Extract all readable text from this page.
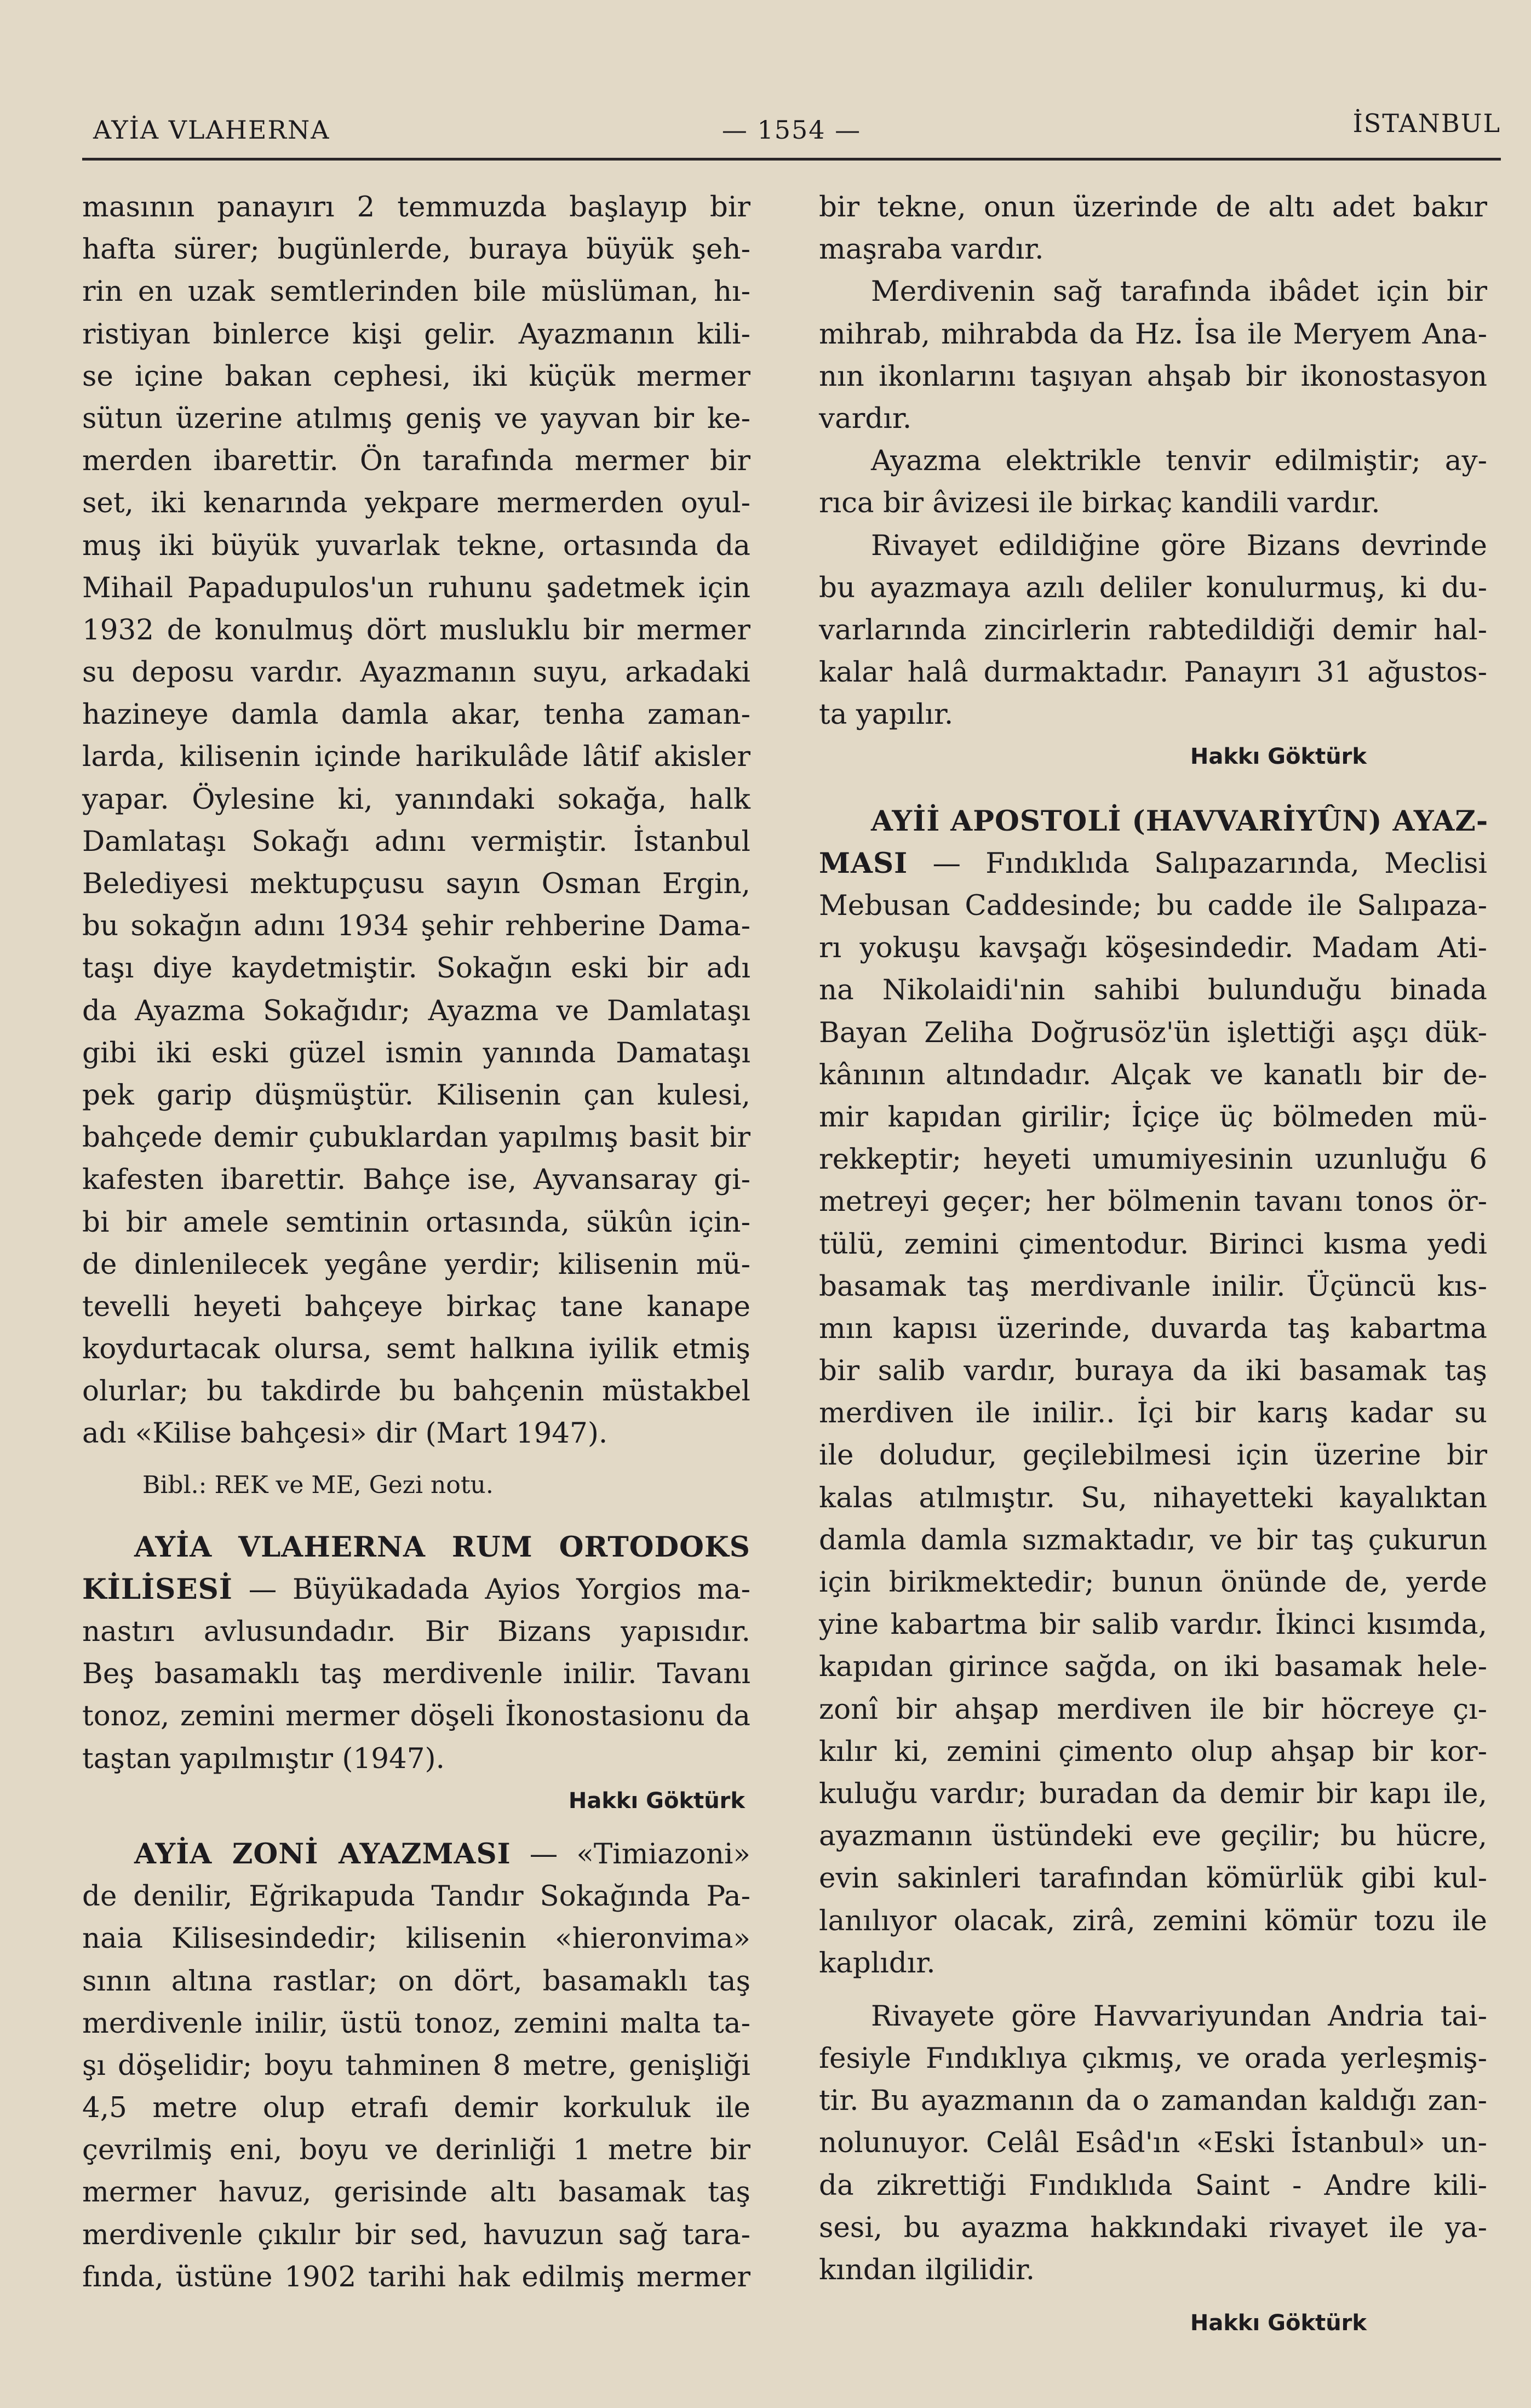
AYİA VLAHERNA	— 1554 —	İSTANBUL
masının panayırı 2 temmuzda başlayıp bir
hafta sürer; bugünlerde, buraya büyük şeh-
rin en uzak semtlerinden bile müslüman, hı-
ristiyan binlerce kişi gelir. Ayazmanın kili-
se içine bakan cephesi, iki küçük mermer
sütun üzerine atılmış geniş ve yayvan bir ke-
merden ibarettir. Ön tarafında mermer bir
set, iki kenarında yekpare mermerden oyul-
muş iki büyük yuvarlak tekne, ortasında da
Mihail Papadupulos'un ruhunu şadetmek için
1932 de konulmuş dört musluklu bir mermer
su deposu vardır. Ayazmanın suyu, arkadaki
hazineye damla damla akar, tenha zaman-
larda, kilisenin içinde harikulâde lâtif akisler
yapar. Öylesine ki, yanındaki sokağa, halk
Damlataşı Sokağı adını vermiştir. İstanbul
Belediyesi mektupçusu sayın Osman Ergin,
bu sokağın adını 1934 şehir rehberine Dama-
taşı diye kaydetmiştir. Sokağın eski bir adı
da Ayazma Sokağıdır; Ayazma ve Damlataşı
gibi iki eski güzel ismin yanında Damataşı
pek garip düşmüştür. Kilisenin çan kulesi,
bahçede demir çubuklardan yapılmış basit bir
kafesten ibarettir. Bahçe ise, Ayvansaray gi-
bi bir amele semtinin ortasında, sükûn için-
de dinlenilecek yegâne yerdir; kilisenin mü-
tevelli heyeti bahçeye birkaç tane kanape
koydurtacak olursa, semt halkına iyilik etmiş
olurlar; bu takdirde bu bahçenin müstakbel
adı «Kilise bahçesi» dir (Mart 1947).
Bibl.: REK ve ME, Gezi notu.
AYİA VLAHERNA RUM ORTODOKS
KİLİSESİ — Büyükadada Ayios Yorgios ma-
nastırı avlusundadır. Bir Bizans yapısıdır.
Beş basamaklı taş merdivenle inilir. Tavanı
tonoz, zemini mermer döşeli İkonostasionu da
taştan yapılmıştır (1947).
Hakkı Göktürk
AYİA ZONİ AYAZMASI — «Timiazoni»
de denilir, Eğrikapuda Tandır Sokağında Pa-
naia Kilisesindedir; kilisenin «hieronvima»
sının altına rastlar; on dört, basamaklı taş
merdivenle inilir, üstü tonoz, zemini malta ta-
şı döşelidir; boyu tahminen 8 metre, genişliği
4,5 metre olup etrafı demir korkuluk ile
çevrilmiş eni, boyu ve derinliği 1 metre bir
mermer havuz, gerisinde altı basamak taş
merdivenle çıkılır bir sed, havuzun sağ tara-
fında, üstüne 1902 tarihi hak edilmiş mermer
bir tekne, onun üzerinde de altı adet bakır
maşraba vardır.
Merdivenin sağ tarafında ibâdet için bir
mihrab, mihrabda da Hz. İsa ile Meryem Ana-
nın ikonlarını taşıyan ahşab bir ikonostasyon
vardır.
Ayazma elektrikle tenvir edilmiştir; ay-
rıca bir âvizesi ile birkaç kandili vardır.
Rivayet edildiğine göre Bizans devrinde
bu ayazmaya azılı deliler konulurmuş, ki du-
varlarında zincirlerin rabtedildiği demir hal-
kalar halâ durmaktadır. Panayırı 31 ağustos-
ta yapılır.
Hakkı Göktürk
AYİİ APOSTOLİ (HAVVARİYÛN) AYAZ-
MASI — Fındıklıda Salıpazarında, Meclisi
Mebusan Caddesinde; bu cadde ile Salıpaza-
rı yokuşu kavşağı köşesindedir. Madam Ati-
na Nikolaidi'nin sahibi bulunduğu binada
Bayan Zeliha Doğrusöz'ün işlettiği aşçı dük-
kânının altındadır. Alçak ve kanatlı bir de-
mir kapıdan girilir; İçiçe üç bölmeden mü-
rekkeptir; heyeti umumiyesinin uzunluğu 6
metreyi geçer; her bölmenin tavanı tonos ör-
tülü, zemini çimentodur. Birinci kısma yedi
basamak taş merdivanle inilir. Üçüncü kıs-
mın kapısı üzerinde, duvarda taş kabartma
bir salib vardır, buraya da iki basamak taş
merdiven ile inilir.. İçi bir karış kadar su
ile doludur, geçilebilmesi için üzerine bir
kalas atılmıştır. Su, nihayetteki kayalıktan
damla damla sızmaktadır, ve bir taş çukurun
için birikmektedir; bunun önünde de, yerde
yine kabartma bir salib vardır. İkinci kısımda,
kapıdan girince sağda, on iki basamak hele-
zonî bir ahşap merdiven ile bir höcreye çı-
kılır ki, zemini çimento olup ahşap bir kor-
kuluğu vardır; buradan da demir bir kapı ile,
ayazmanın üstündeki eve geçilir; bu hücre,
evin sakinleri tarafından kömürlük gibi kul-
lanılıyor olacak, zirâ, zemini kömür tozu ile
kaplıdır.
Rivayete göre Havvariyundan Andria tai-
fesiyle Fındıklıya çıkmış, ve orada yerleşmiş-
tir. Bu ayazmanın da o zamandan kaldığı zan-
nolunuyor. Celâl Esâd'ın «Eski İstanbul» un-
da zikrettiği Fındıklıda Saint - Andre kili-
sesi, bu ayazma hakkındaki rivayet ile ya-
kından ilgilidir.
Hakkı Göktürk
